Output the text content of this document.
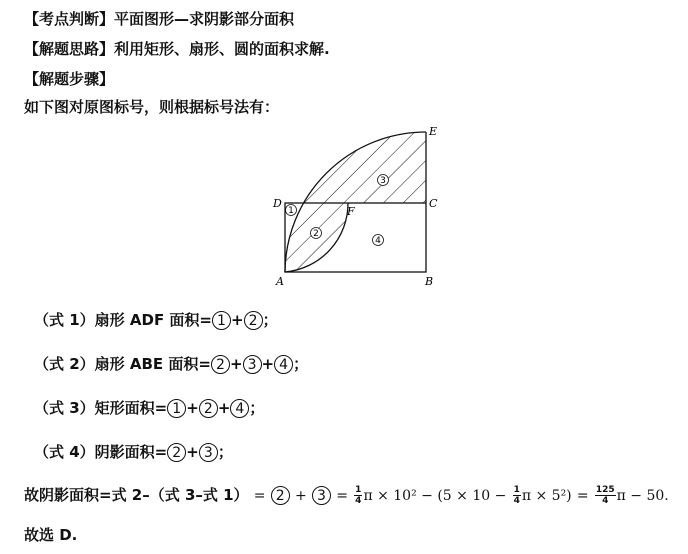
【考点判断】平面图形—求阴影部分面积
【解题思路】利用矩形、扇形、圆的面积求解.
【解题步骤】
如下图对原图标号，则根据标号法有：
A	B
C
D
E
F
1
2
3
4
（式 1）扇形 ADF 面积= 1 + 2 ；
（式 2）扇形 ABE 面积= 2 + 3 + 4 ；
（式 3）矩形面积= 1 + 2 + 4 ；
（式 4）阴影面积= 2 + 3 ；
故阴影面积=式 2–（式 3–式 $1) = 2 + 3 = \frac{1}{4}$ $\pi \times 10^2 - (5 \times 10 - \frac{1}{4}$ $\pi \times 5^2) = \frac{125}{4}$ π − 50.
故选 D.
